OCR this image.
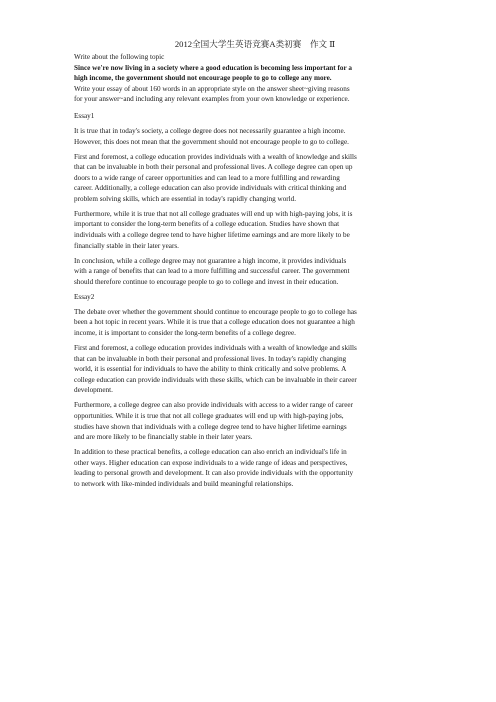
2012全国大学生英语竞赛A类初赛　作文 Ⅱ
Write about the following topic
Since we're now living in a society where a good education is becoming less important for a
high income, the government should not encourage people to go to college any more.
Write your essay of about 160 words in an appropriate style on the answer sheet~giving reasons
for your answer~and including any relevant examples from your own knowledge or experience.
Essay1
It is true that in today's society, a college degree does not necessarily guarantee a high income.
However, this does not mean that the government should not encourage people to go to college.
First and foremost, a college education provides individuals with a wealth of knowledge and skills
that can be invaluable in both their personal and professional lives. A college degree can open up
doors to a wide range of career opportunities and can lead to a more fulfilling and rewarding
career. Additionally, a college education can also provide individuals with critical thinking and
problem solving skills, which are essential in today's rapidly changing world.
Furthermore, while it is true that not all college graduates will end up with high-paying jobs, it is
important to consider the long-term benefits of a college education. Studies have shown that
individuals with a college degree tend to have higher lifetime earnings and are more likely to be
financially stable in their later years.
In conclusion, while a college degree may not guarantee a high income, it provides individuals
with a range of benefits that can lead to a more fulfilling and successful career. The government
should therefore continue to encourage people to go to college and invest in their education.
Essay2
The debate over whether the government should continue to encourage people to go to college has
been a hot topic in recent years. While it is true that a college education does not guarantee a high
income, it is important to consider the long-term benefits of a college degree.
First and foremost, a college education provides individuals with a wealth of knowledge and skills
that can be invaluable in both their personal and professional lives. In today's rapidly changing
world, it is essential for individuals to have the ability to think critically and solve problems. A
college education can provide individuals with these skills, which can be invaluable in their career
development.
Furthermore, a college degree can also provide individuals with access to a wider range of career
opportunities. While it is true that not all college graduates will end up with high-paying jobs,
studies have shown that individuals with a college degree tend to have higher lifetime earnings
and are more likely to be financially stable in their later years.
In addition to these practical benefits, a college education can also enrich an individual's life in
other ways. Higher education can expose individuals to a wide range of ideas and perspectives,
leading to personal growth and development. It can also provide individuals with the opportunity
to network with like-minded individuals and build meaningful relationships.
